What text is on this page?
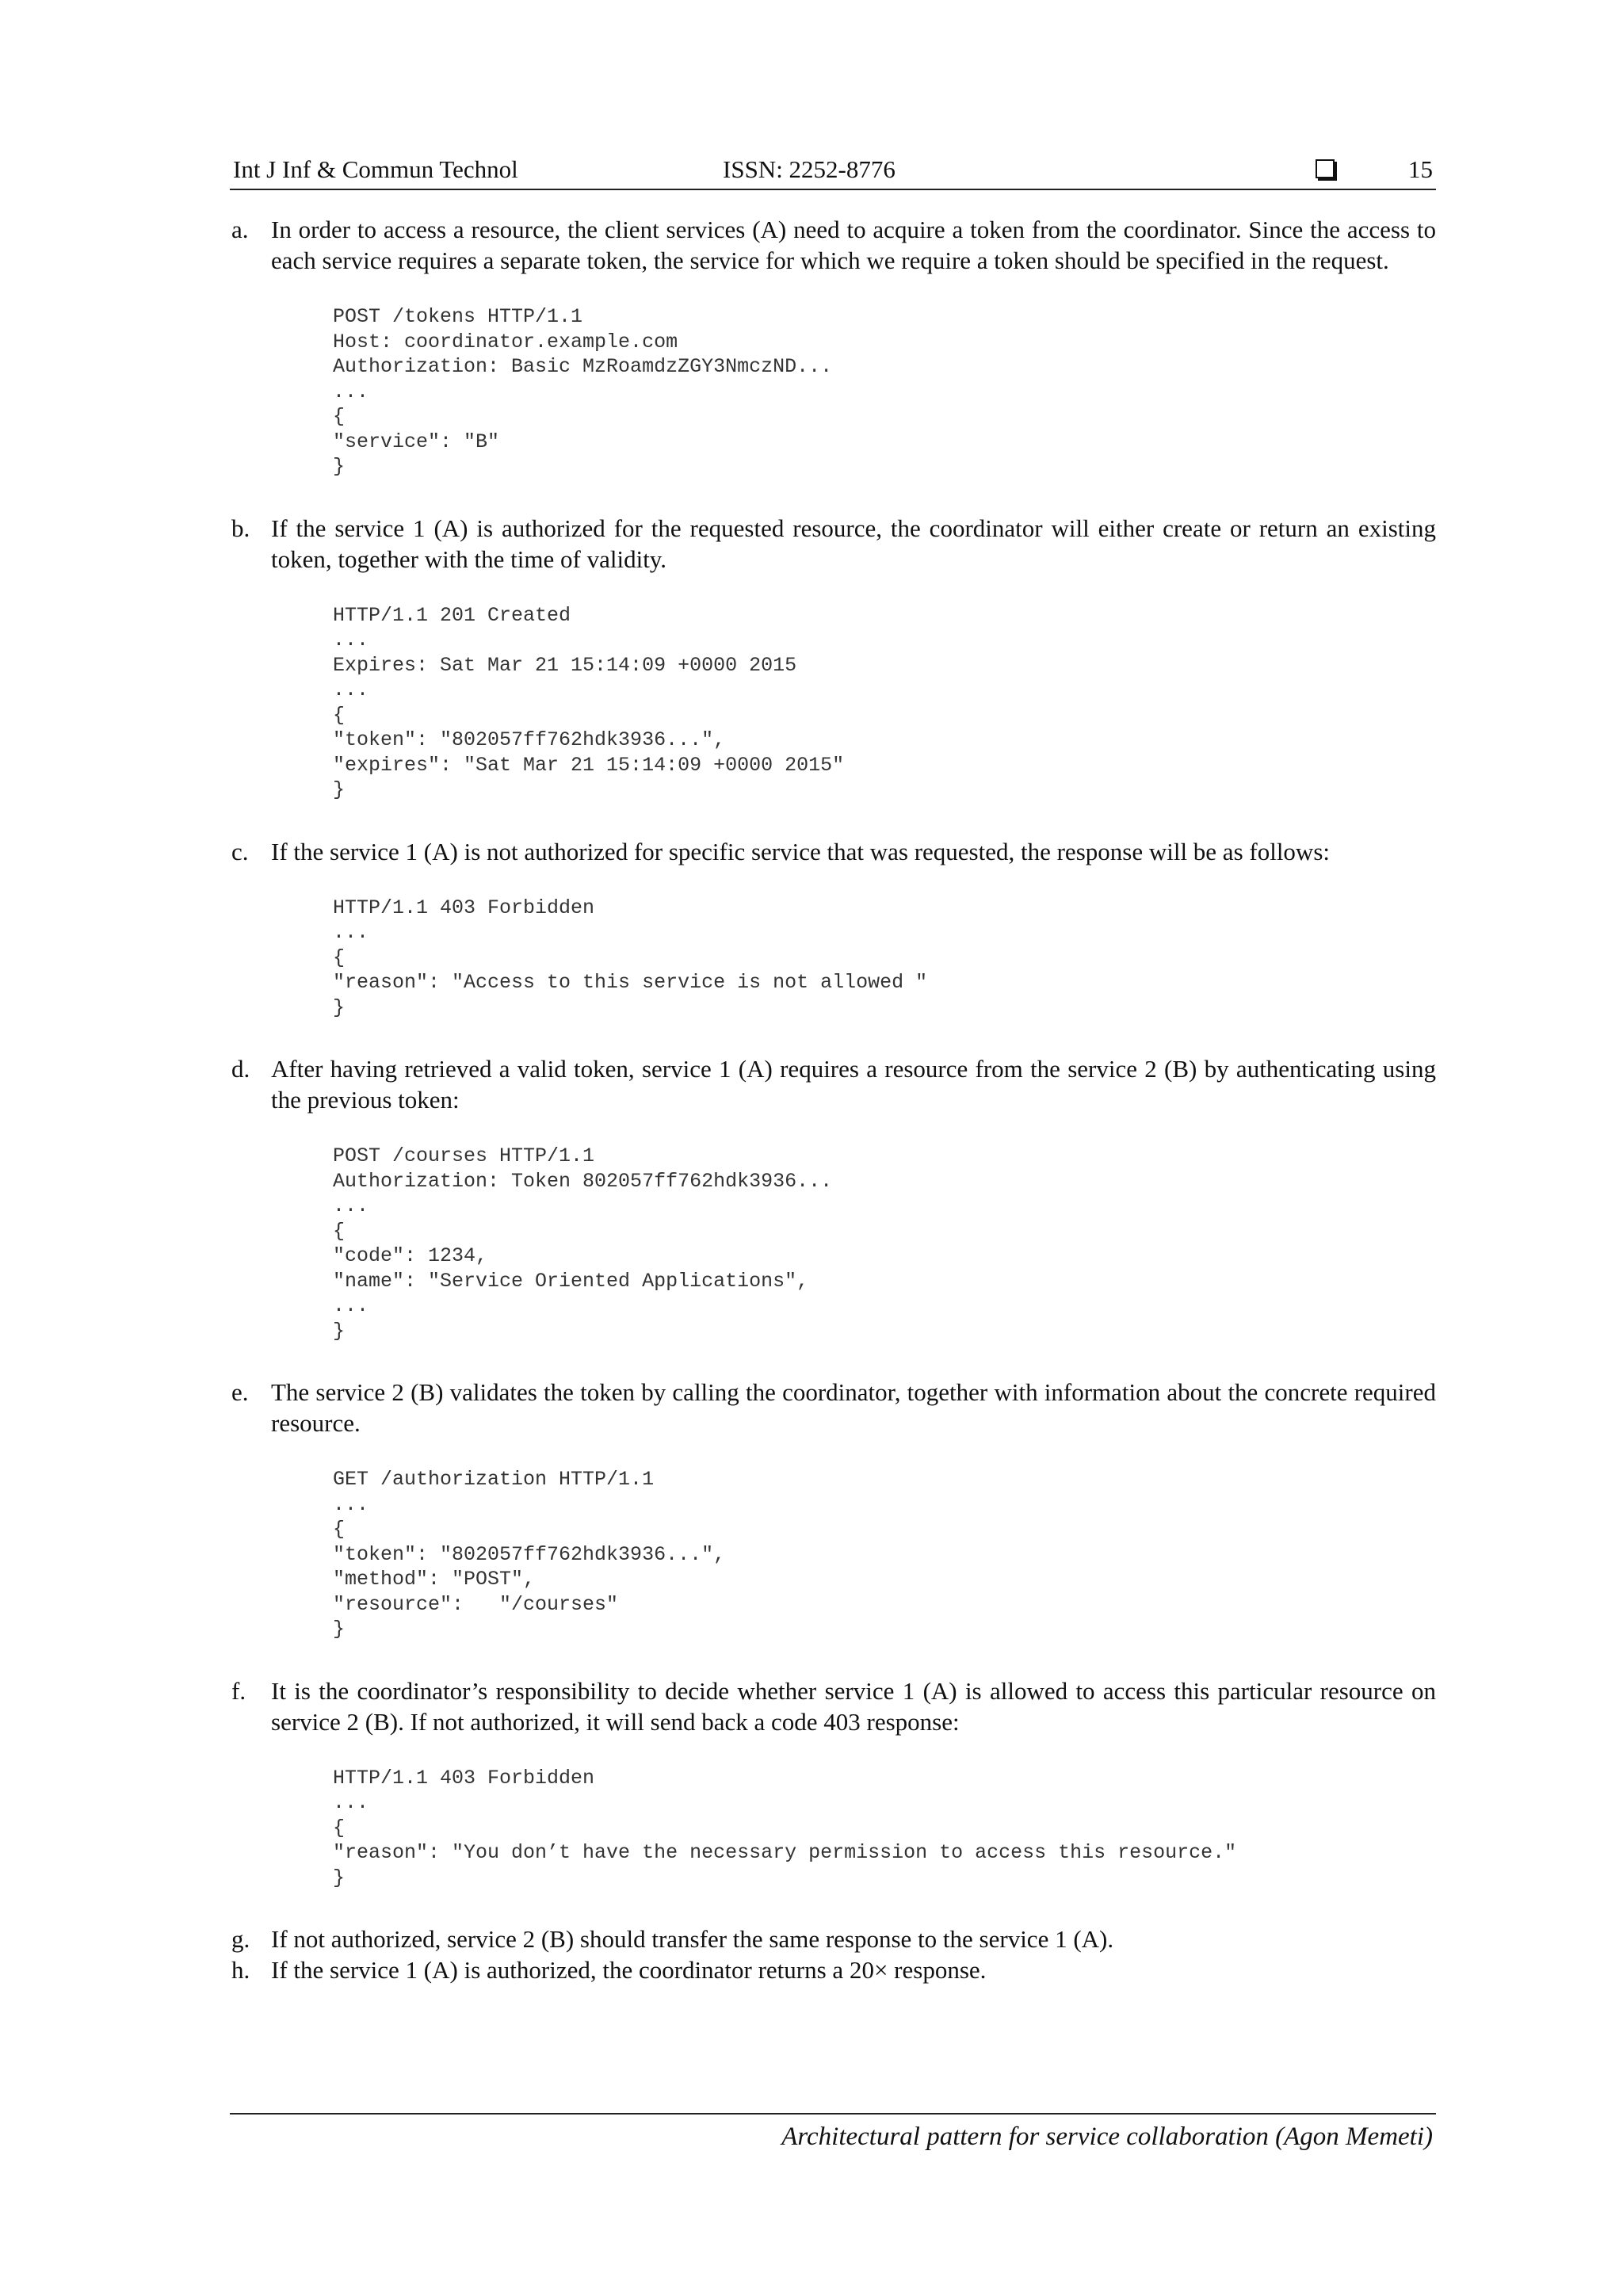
Int J Inf & Commun Technol	ISSN: 2252-8776	15
a. In order to access a resource, the client services (A) need to acquire a token from the coordinator. Since the access to each service requires a separate token, the service for which we require a token should be specified in the request.
POST /tokens HTTP/1.1
Host: coordinator.example.com
Authorization: Basic MzRoamdzZGY3NmczND...
...
{
"service": "B"
}
b. If the service 1 (A) is authorized for the requested resource, the coordinator will either create or return an existing token, together with the time of validity.
HTTP/1.1 201 Created
...
Expires: Sat Mar 21 15:14:09 +0000 2015
...
{
"token": "802057ff762hdk3936...",
"expires": "Sat Mar 21 15:14:09 +0000 2015"
}
c. If the service 1 (A) is not authorized for specific service that was requested, the response will be as follows:
HTTP/1.1 403 Forbidden
...
{
"reason": "Access to this service is not allowed "
}
d. After having retrieved a valid token, service 1 (A) requires a resource from the service 2 (B) by authenticating using the previous token:
POST /courses HTTP/1.1
Authorization: Token 802057ff762hdk3936...
...
{
"code": 1234,
"name": "Service Oriented Applications",
...
}
e. The service 2 (B) validates the token by calling the coordinator, together with information about the concrete required resource.
GET /authorization HTTP/1.1
...
{
"token": "802057ff762hdk3936...",
"method": "POST",
"resource":   "/courses"
}
f. It is the coordinator’s responsibility to decide whether service 1 (A) is allowed to access this particular resource on service 2 (B). If not authorized, it will send back a code 403 response:
HTTP/1.1 403 Forbidden
...
{
"reason": "You don’t have the necessary permission to access this resource."
}
g. If not authorized, service 2 (B) should transfer the same response to the service 1 (A).
h. If the service 1 (A) is authorized, the coordinator returns a 20× response.
Architectural pattern for service collaboration (Agon Memeti)
